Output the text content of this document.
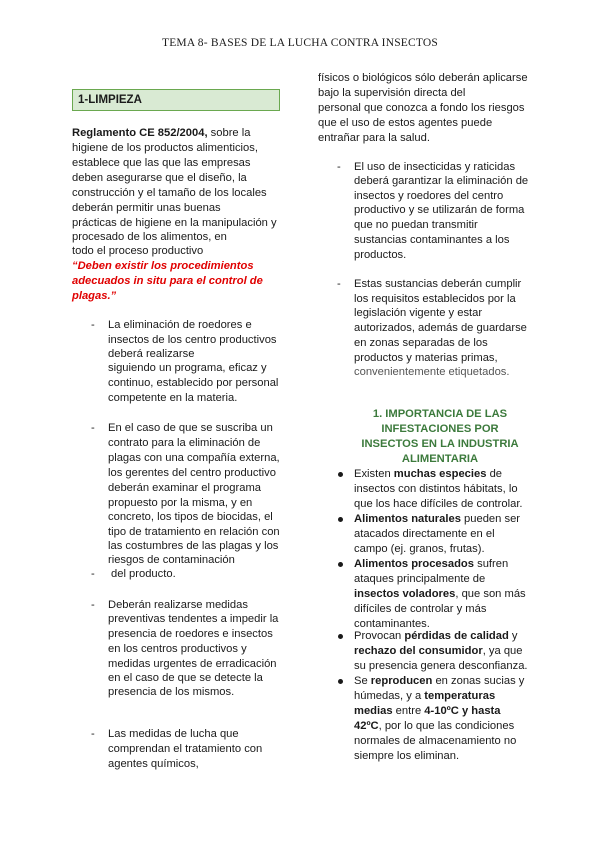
TEMA 8- BASES DE LA LUCHA CONTRA INSECTOS
1-LIMPIEZA
Reglamento CE 852/2004, sobre la
higiene de los productos alimenticios,
establece que las que las empresas
deben asegurarse que el diseño, la
construcción y el tamaño de los locales
deberán permitir unas buenas
prácticas de higiene en la manipulación y
procesado de los alimentos, en
todo el proceso productivo
“Deben existir los procedimientos
adecuados in situ para el control de
plagas.”
- La eliminación de roedores e
insectos de los centro productivos
deberá realizarse
siguiendo un programa, eficaz y
continuo, establecido por personal
competente en la materia.
- En el caso de que se suscriba un
contrato para la eliminación de
plagas con una compañía externa,
los gerentes del centro productivo
deberán examinar el programa
propuesto por la misma, y en
concreto, los tipos de biocidas, el
tipo de tratamiento en relación con
las costumbres de las plagas y los
riesgos de contaminación
- del producto.
- Deberán realizarse medidas
preventivas tendentes a impedir la
presencia de roedores e insectos
en los centros productivos y
medidas urgentes de erradicación
en el caso de que se detecte la
presencia de los mismos.
- Las medidas de lucha que
comprendan el tratamiento con
agentes químicos,
físicos o biológicos sólo deberán aplicarse
bajo la supervisión directa del
personal que conozca a fondo los riesgos
que el uso de estos agentes puede
entrañar para la salud.
- El uso de insecticidas y raticidas
deberá garantizar la eliminación de
insectos y roedores del centro
productivo y se utilizarán de forma
que no puedan transmitir
sustancias contaminantes a los
productos.
- Estas sustancias deberán cumplir
los requisitos establecidos por la
legislación vigente y estar
autorizados, además de guardarse
en zonas separadas de los
productos y materias primas,
convenientemente etiquetados.
1. IMPORTANCIA DE LAS
INFESTACIONES POR
INSECTOS EN LA INDUSTRIA
ALIMENTARIA
Existen muchas especies de
insectos con distintos hábitats, lo
que los hace difíciles de controlar.
Alimentos naturales pueden ser
atacados directamente en el
campo (ej. granos, frutas).
Alimentos procesados sufren
ataques principalmente de
insectos voladores, que son más
difíciles de controlar y más
contaminantes.
Provocan pérdidas de calidad y
rechazo del consumidor, ya que
su presencia genera desconfianza.
Se reproducen en zonas sucias y
húmedas, y a temperaturas
medias entre 4-10ºC y hasta
42ºC, por lo que las condiciones
normales de almacenamiento no
siempre los eliminan.
